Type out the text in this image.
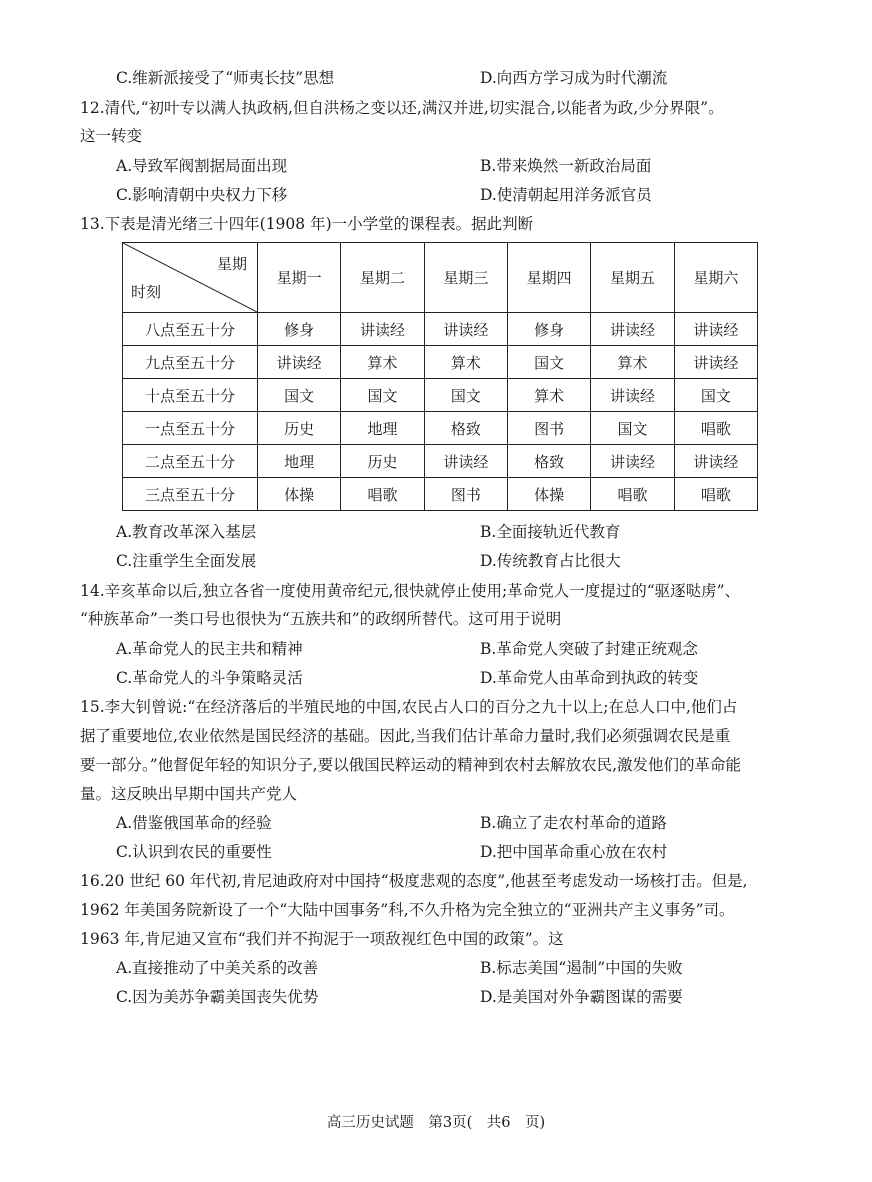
C.维新派接受了“师夷长技”思想	D.向西方学习成为时代潮流
12.清代,“初叶专以满人执政柄,但自洪杨之变以还,满汉并进,切实混合,以能者为政,少分界限”。
这一转变
A.导致军阀割据局面出现	B.带来焕然一新政治局面
C.影响清朝中央权力下移	D.使清朝起用洋务派官员
13.下表是清光绪三十四年(1908 年)一小学堂的课程表。据此判断
星期
时刻	星期一	星期二	星期三	星期四	星期五	星期六
八点至五十分	修身	讲读经	讲读经	修身	讲读经	讲读经
九点至五十分	讲读经	算术	算术	国文	算术	讲读经
十点至五十分	国文	国文	国文	算术	讲读经	国文
一点至五十分	历史	地理	格致	图书	国文	唱歌
二点至五十分	地理	历史	讲读经	格致	讲读经	讲读经
三点至五十分	体操	唱歌	图书	体操	唱歌	唱歌
A.教育改革深入基层	B.全面接轨近代教育
C.注重学生全面发展	D.传统教育占比很大
14.辛亥革命以后,独立各省一度使用黄帝纪元,很快就停止使用;革命党人一度提过的“驱逐哒虏”、
“种族革命”一类口号也很快为“五族共和”的政纲所替代。这可用于说明
A.革命党人的民主共和精神	B.革命党人突破了封建正统观念
C.革命党人的斗争策略灵活	D.革命党人由革命到执政的转变
15.李大钊曾说:“在经济落后的半殖民地的中国,农民占人口的百分之九十以上;在总人口中,他们占
据了重要地位,农业依然是国民经济的基础。因此,当我们估计革命力量时,我们必须强调农民是重
要一部分。”他督促年轻的知识分子,要以俄国民粹运动的精神到农村去解放农民,激发他们的革命能
量。这反映出早期中国共产党人
A.借鉴俄国革命的经验	B.确立了走农村革命的道路
C.认识到农民的重要性	D.把中国革命重心放在农村
16.20 世纪 60 年代初,肯尼迪政府对中国持“极度悲观的态度”,他甚至考虑发动一场核打击。但是,
1962 年美国务院新设了一个“大陆中国事务”科,不久升格为完全独立的“亚洲共产主义事务”司。
1963 年,肯尼迪又宣布“我们并不拘泥于一项敌视红色中国的政策”。这
A.直接推动了中美关系的改善	B.标志美国“遏制”中国的失败
C.因为美苏争霸美国丧失优势	D.是美国对外争霸图谋的需要
高三历史试题　第3页(　共6　页)
